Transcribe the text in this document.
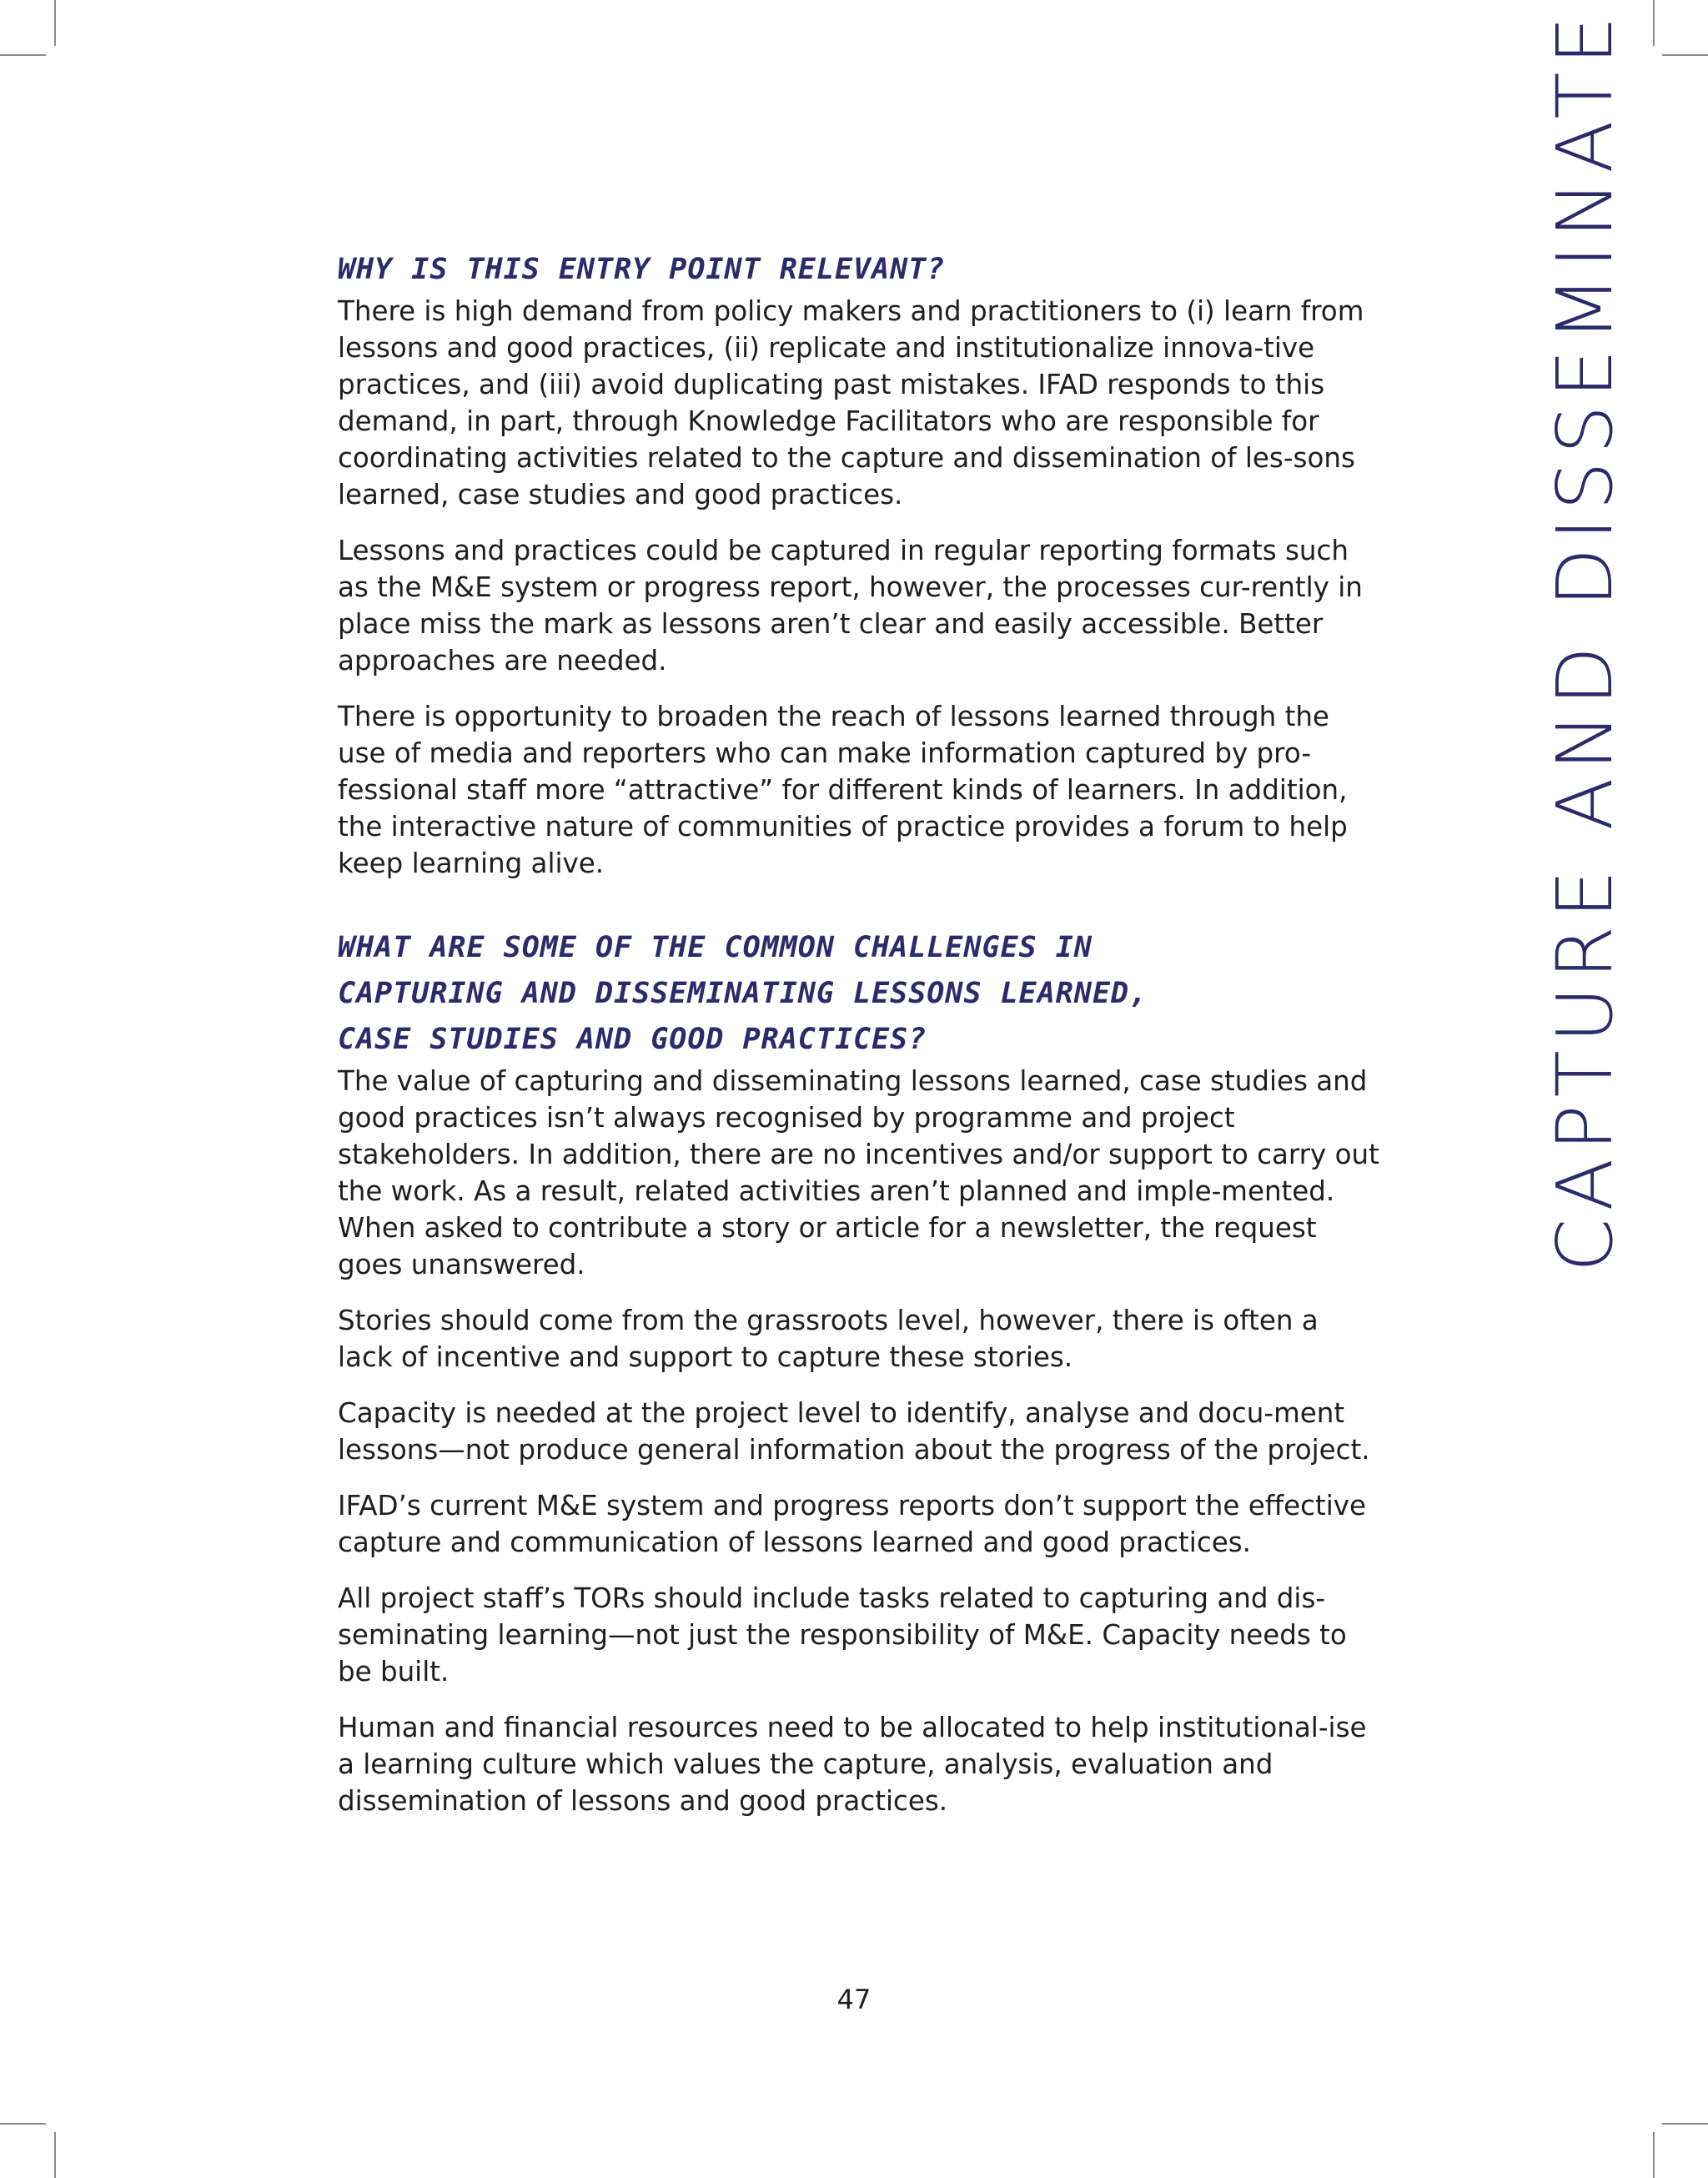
CAPTURE AND DISSEMINATE
WHY IS THIS ENTRY POINT RELEVANT?

There is high demand from policy makers and practitioners to (i) learn from lessons and good practices, (ii) replicate and institutionalize innova-tive practices, and (iii) avoid duplicating past mistakes. IFAD responds to this demand, in part, through Knowledge Facilitators who are responsible for coordinating activities related to the capture and dissemination of les-sons learned, case studies and good practices.

Lessons and practices could be captured in regular reporting formats such as the M&E system or progress report, however, the processes cur-rently in place miss the mark as lessons aren’t clear and easily accessible. Better approaches are needed.

There is opportunity to broaden the reach of lessons learned through the use of media and reporters who can make information captured by pro-fessional staff more “attractive” for different kinds of learners. In addition, the interactive nature of communities of practice provides a forum to help keep learning alive.

WHAT ARE SOME OF THE COMMON CHALLENGES IN
CAPTURING AND DISSEMINATING LESSONS LEARNED,
CASE STUDIES AND GOOD PRACTICES?

The value of capturing and disseminating lessons learned, case studies and good practices isn’t always recognised by programme and project stakeholders. In addition, there are no incentives and/or support to carry out the work. As a result, related activities aren’t planned and imple-mented. When asked to contribute a story or article for a newsletter, the request goes unanswered.

Stories should come from the grassroots level, however, there is often a lack of incentive and support to capture these stories.

Capacity is needed at the project level to identify, analyse and docu-ment lessons—not produce general information about the progress of the project.

IFAD’s current M&E system and progress reports don’t support the effective capture and communication of lessons learned and good practices.

All project staff’s TORs should include tasks related to capturing and dis-seminating learning—not just the responsibility of M&E. Capacity needs to be built.

Human and financial resources need to be allocated to help institutional-ise a learning culture which values the capture, analysis, evaluation and dissemination of lessons and good practices.

47
